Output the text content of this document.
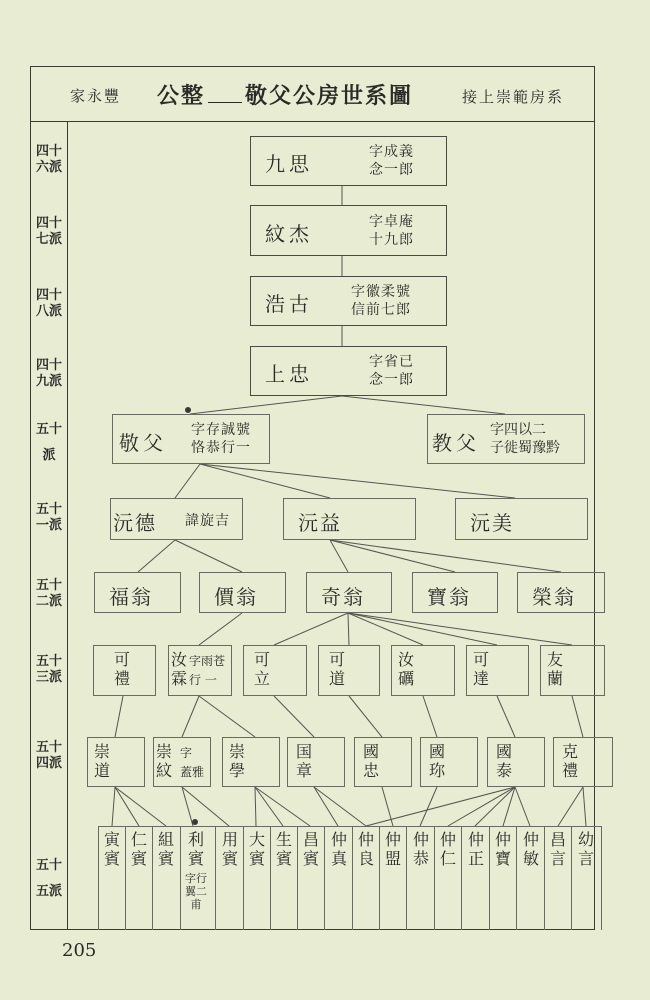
家永豐 公整 敬父公房世系圖	接上崇範房系
四十
六派
四十
七派
四十
八派
四十
九派
五十
派
五十
一派
五十
二派
五十
三派
五十
四派
五十
五派
九思	字成義
念一郎
紋杰	字卓庵
十九郎
浩古	字徽柔號
信前七郎
上忠	字省已
念一郎
敬父
字存誠號
恪恭行一	教父
字四以二
子徙蜀豫黔
沅德 諱旋吉	沅益	沅美
福翁	價翁	奇翁	寶翁	榮翁
可
禮
汝
霖
字雨苍
行 一
可
立
可
道
汝
礪
可
達
友
蘭
崇
道
崇
紋
字
蓋雅
崇
學
国
章
國
忠
國
珎
國
泰
克
禮
寅
賓
仁
賓
組
賓
利
賓
字行
翼二
甫
用
賓
大
賓
生
賓
昌
賓
仲
真
仲
良
仲
盟
仲
恭
仲
仁
仲
正
仲
寶
仲
敏
昌
言
幼
言
205
